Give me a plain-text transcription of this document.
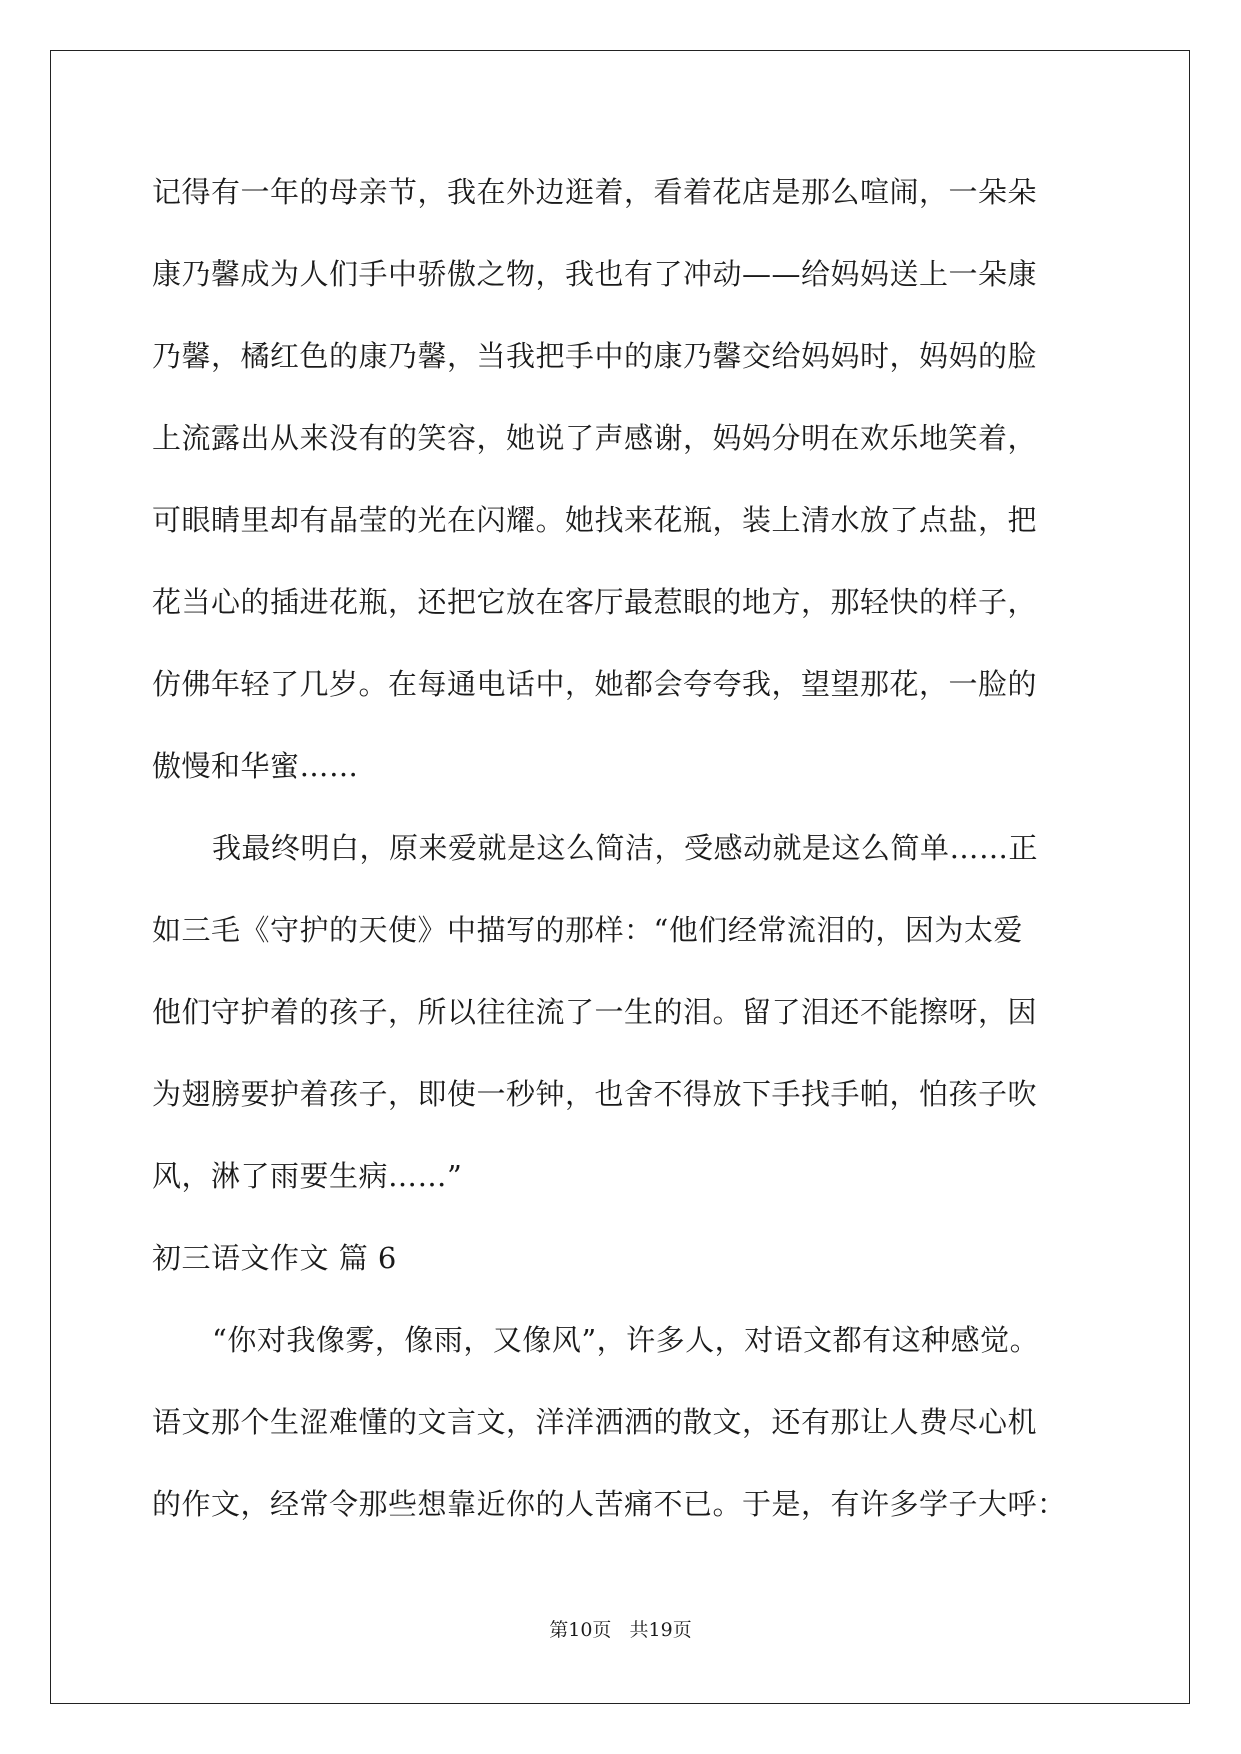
记得有一年的母亲节，我在外边逛着，看着花店是那么喧闹，一朵朵
康乃馨成为人们手中骄傲之物，我也有了冲动——给妈妈送上一朵康
乃馨，橘红色的康乃馨，当我把手中的康乃馨交给妈妈时，妈妈的脸
上流露出从来没有的笑容，她说了声感谢，妈妈分明在欢乐地笑着，
可眼睛里却有晶莹的光在闪耀。她找来花瓶，装上清水放了点盐，把
花当心的插进花瓶，还把它放在客厅最惹眼的地方，那轻快的样子，
仿佛年轻了几岁。在每通电话中，她都会夸夸我，望望那花，一脸的
傲慢和华蜜……
我最终明白，原来爱就是这么简洁，受感动就是这么简单……正
如三毛《守护的天使》中描写的那样：“他们经常流泪的，因为太爱
他们守护着的孩子，所以往往流了一生的泪。留了泪还不能擦呀，因
为翅膀要护着孩子，即使一秒钟，也舍不得放下手找手帕，怕孩子吹
风，淋了雨要生病……”
初三语文作文 篇 6
“你对我像雾，像雨，又像风”，许多人，对语文都有这种感觉。
语文那个生涩难懂的文言文，洋洋洒洒的散文，还有那让人费尽心机
的作文，经常令那些想靠近你的人苦痛不已。于是，有许多学子大呼：
第10页   共19页
